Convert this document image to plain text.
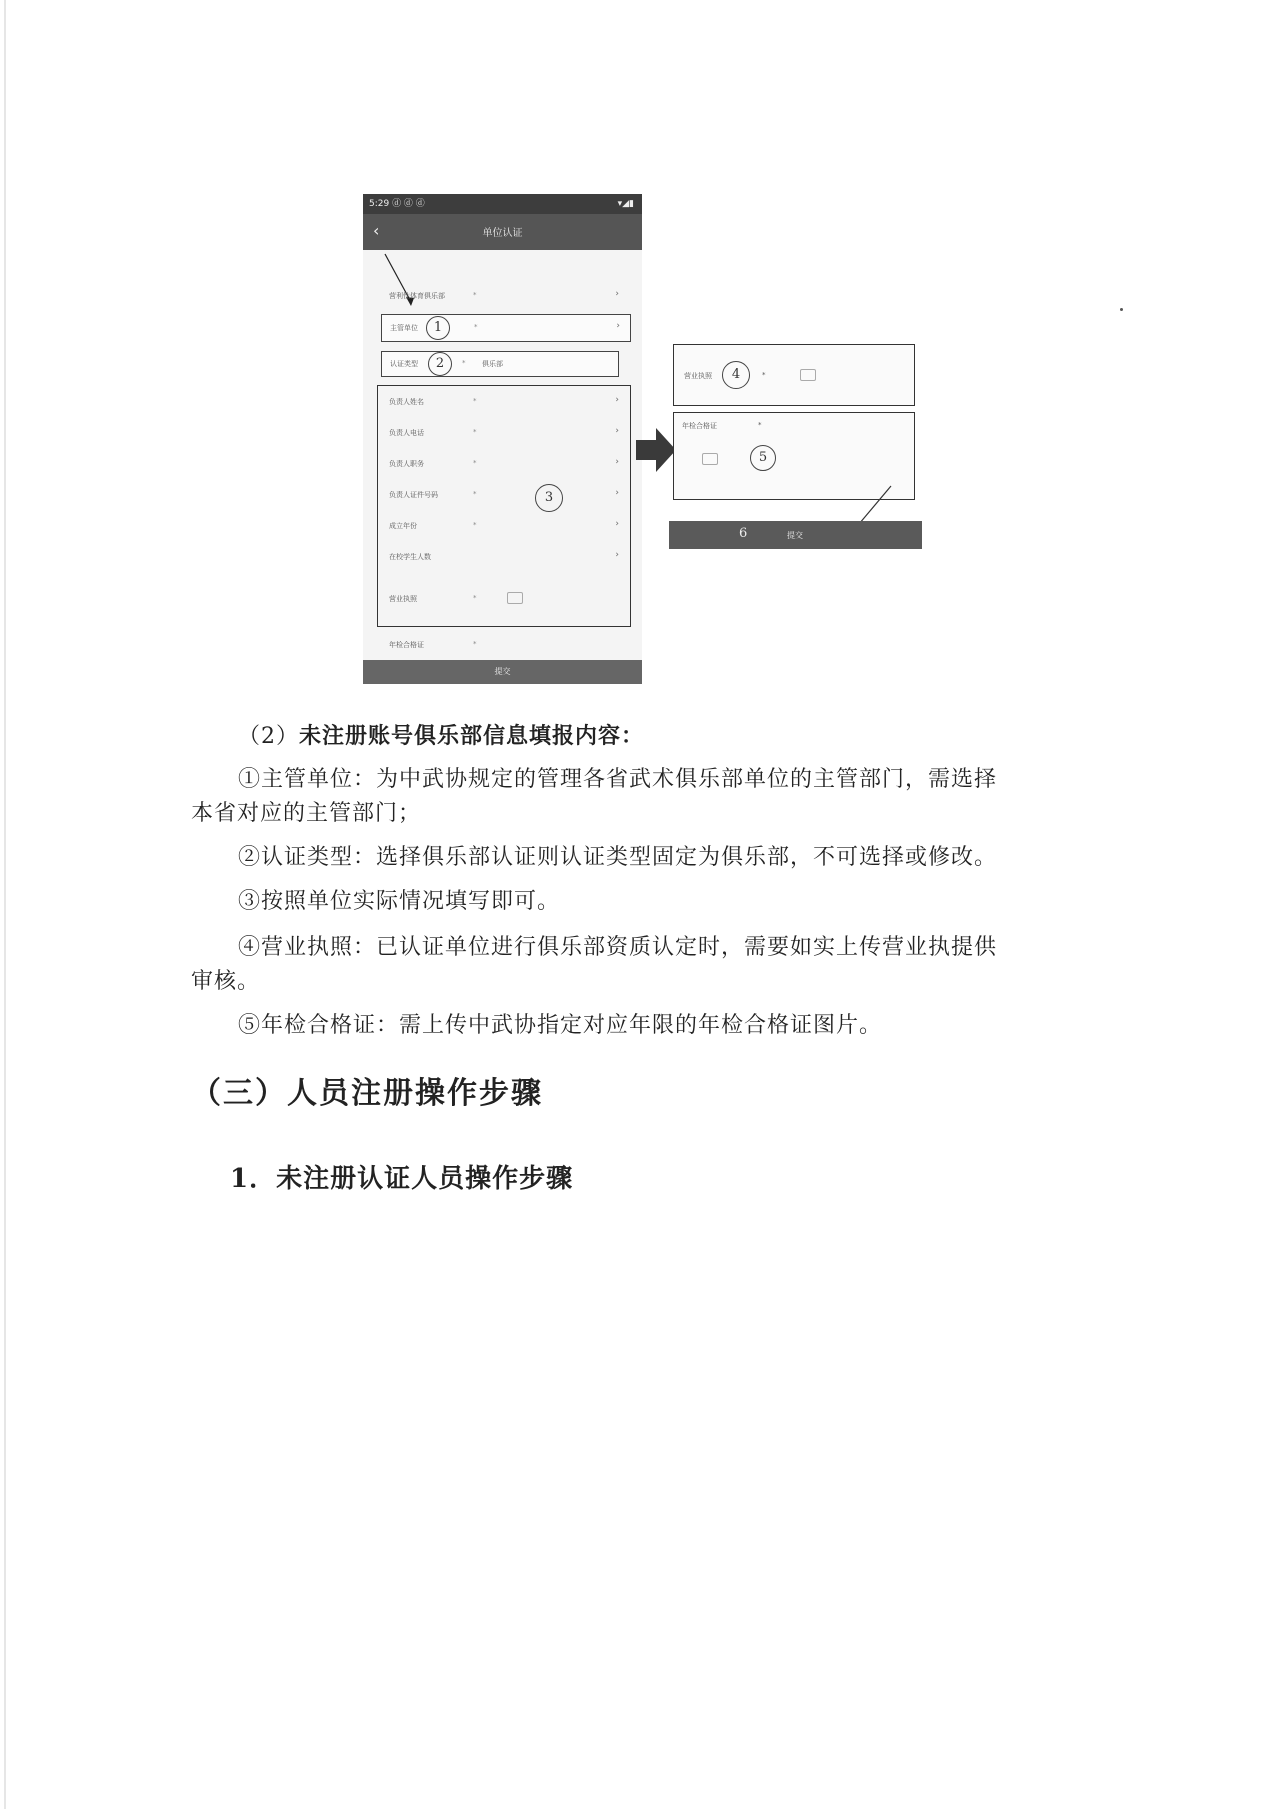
5:29 ⓓ ⓓ ⓓ	▾◢▮
‹	单位认证
营利性体育俱乐部	*	›
主管单位	*	›
1
认证类型	* 俱乐部
2
负责人姓名	*	›
负责人电话	*	›
负责人职务	*	›
负责人证件号码	*	›
3
成立年份	*	›
在校学生人数	›
营业执照	*
年检合格证	*
提交
营业执照	4	*
年检合格证	*
5
6	提交

（2）未注册账号俱乐部信息填报内容：

①主管单位：为中武协规定的管理各省武术俱乐部单位的主管部门，需选择

本省对应的主管部门；

②认证类型：选择俱乐部认证则认证类型固定为俱乐部，不可选择或修改。

③按照单位实际情况填写即可。

④营业执照：已认证单位进行俱乐部资质认定时，需要如实上传营业执提供

审核。

⑤年检合格证：需上传中武协指定对应年限的年检合格证图片。

（三）人员注册操作步骤
1．未注册认证人员操作步骤
